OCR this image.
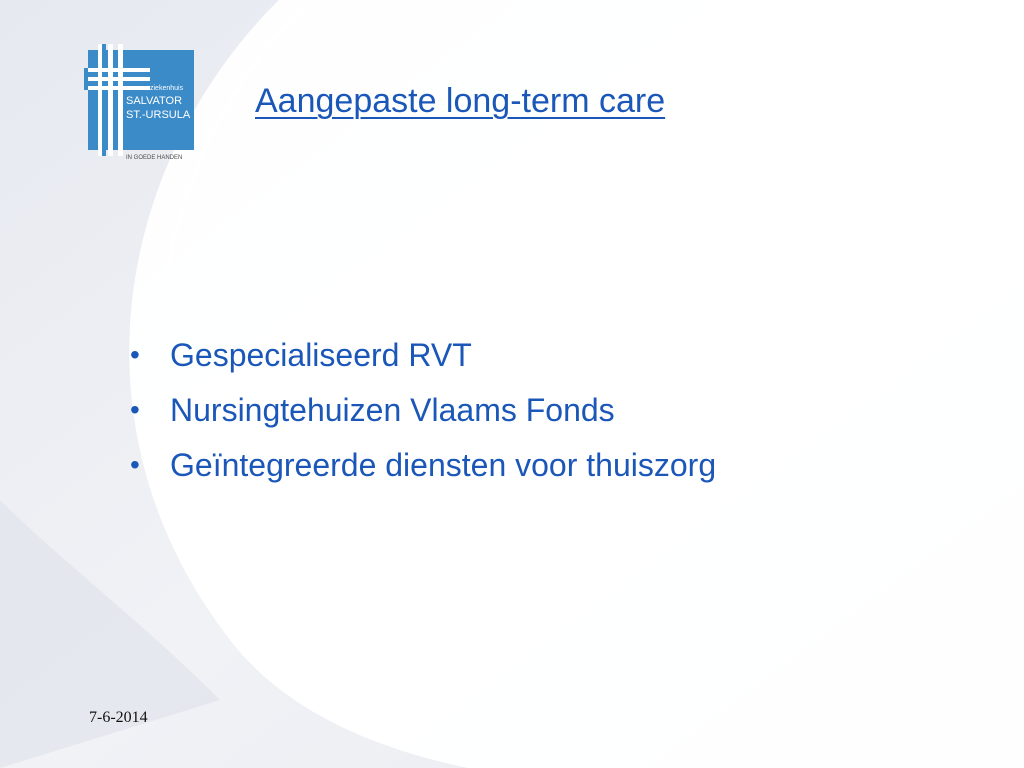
ziekenhuis
SALVATOR
ST.-URSULA
IN GOEDE HANDEN
Aangepaste long-term care
• Gespecialiseerd RVT
• Nursingtehuizen Vlaams Fonds
• Geïntegreerde diensten voor thuiszorg
7-6-2014
